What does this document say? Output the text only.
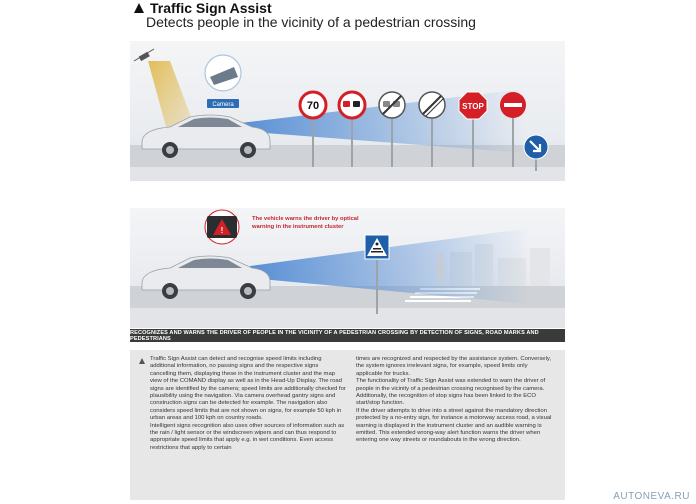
Traffic Sign Assist
Detects people in the vicinity of a pedestrian crossing
Camera	70	STOP
!
The vehicle warns the driver by optical
warning in the instrument cluster
RECOGNIZES AND WARNS THE DRIVER OF PEOPLE IN THE VICINITY OF A PEDESTRIAN CROSSING BY DETECTION OF SIGNS, ROAD MARKS AND PEDESTRIANS
Traffic Sign Assist can detect and recognise speed limits including additional information, no passing signs and the respective signs cancelling them, displaying these in the instrument cluster and the map view of the COMAND display as well as in the Head-Up Display. The road signs are identified by the camera; speed limits are additionally checked for plausibility using the navigation. Via camera overhead gantry signs and construction signs can be detected for example. The navigation also considers speed limits that are not shown on signs, for example 50 kph in urban areas and 100 kph on country roads.
Intelligent signs recognition also uses other sources of information such as the rain / light sensor or the windscreen wipers and can thus respond to appropriate speed limits that apply e.g. in wet conditions. Even access restrictions that apply to certain
times are recognized and respected by the assistance system. Conversely, the system ignores irrelevant signs, for example, speed limits only applicable for trucks.
The functionality of Traffic Sign Assist was extended to warn the driver of people in the vicinity of a pedestrian crossing recognised by the camera. Additionally, the recognition of stop signs has been linked to the ECO start/stop function.
If the driver attempts to drive into a street against the mandatory direction protected by a no-entry sign, for instance a motorway access road, a visual warning is displayed in the instrument cluster and an audible warning is emitted. This extended wrong-way alert function warns the driver when entering one way streets or roundabouts in the wrong direction.
AUTONEVA.RU
